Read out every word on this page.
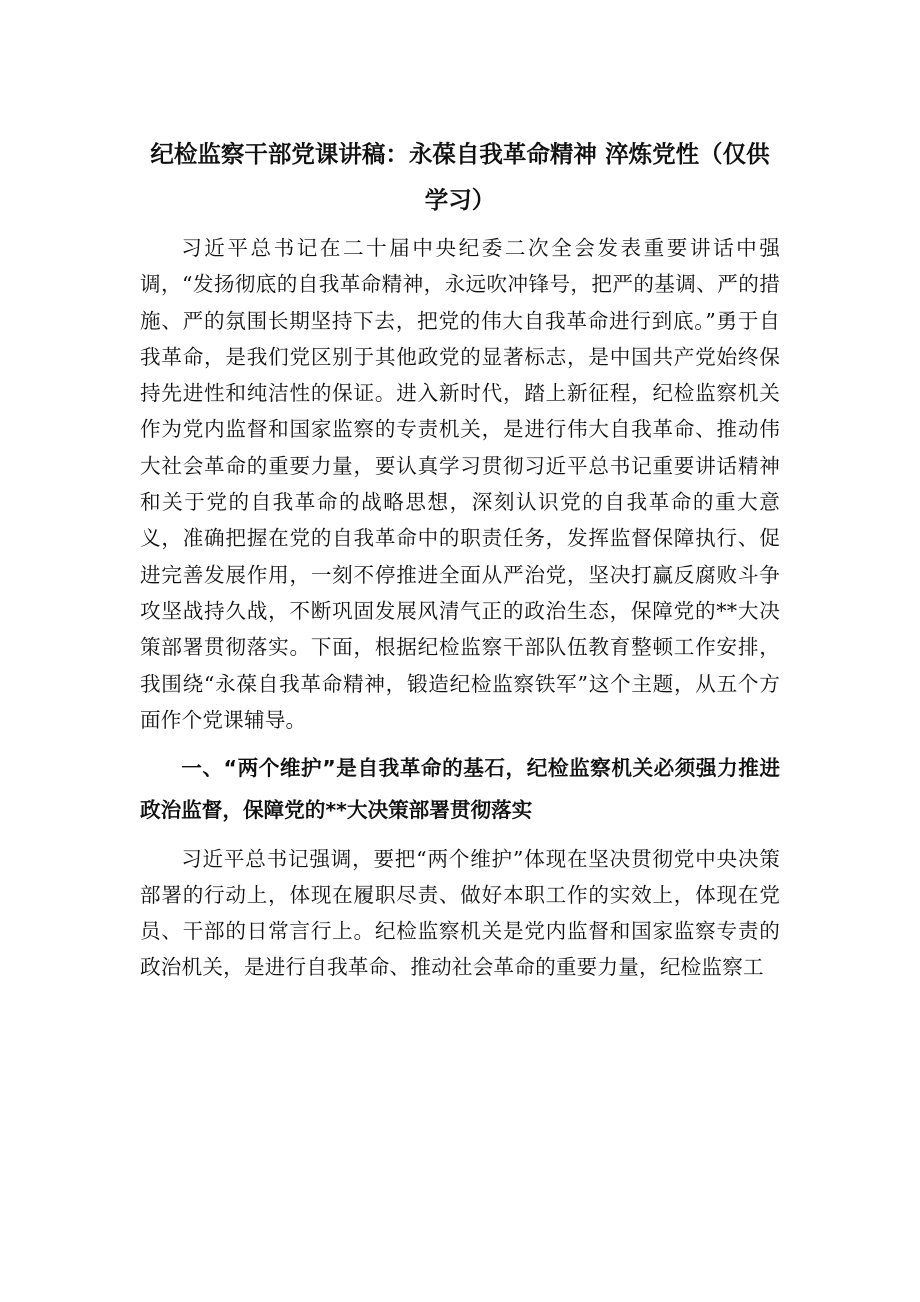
纪检监察干部党课讲稿：永葆自我革命精神 淬炼党性（仅供学习）

习近平总书记在二十届中央纪委二次全会发表重要讲话中强调，“发扬彻底的自我革命精神，永远吹冲锋号，把严的基调、严的措施、严的氛围长期坚持下去，把党的伟大自我革命进行到底。”勇于自我革命，是我们党区别于其他政党的显著标志，是中国共产党始终保持先进性和纯洁性的保证。进入新时代，踏上新征程，纪检监察机关作为党内监督和国家监察的专责机关，是进行伟大自我革命、推动伟大社会革命的重要力量，要认真学习贯彻习近平总书记重要讲话精神和关于党的自我革命的战略思想，深刻认识党的自我革命的重大意义，准确把握在党的自我革命中的职责任务，发挥监督保障执行、促进完善发展作用，一刻不停推进全面从严治党，坚决打赢反腐败斗争攻坚战持久战，不断巩固发展风清气正的政治生态，保障党的**大决策部署贯彻落实。下面，根据纪检监察干部队伍教育整顿工作安排，我围绕“永葆自我革命精神，锻造纪检监察铁军”这个主题，从五个方面作个党课辅导。

一、“两个维护”是自我革命的基石，纪检监察机关必须强力推进政治监督，保障党的**大决策部署贯彻落实

习近平总书记强调，要把“两个维护”体现在坚决贯彻党中央决策部署的行动上，体现在履职尽责、做好本职工作的实效上，体现在党员、干部的日常言行上。纪检监察机关是党内监督和国家监察专责的政治机关，是进行自我革命、推动社会革命的重要力量，纪检监察工
